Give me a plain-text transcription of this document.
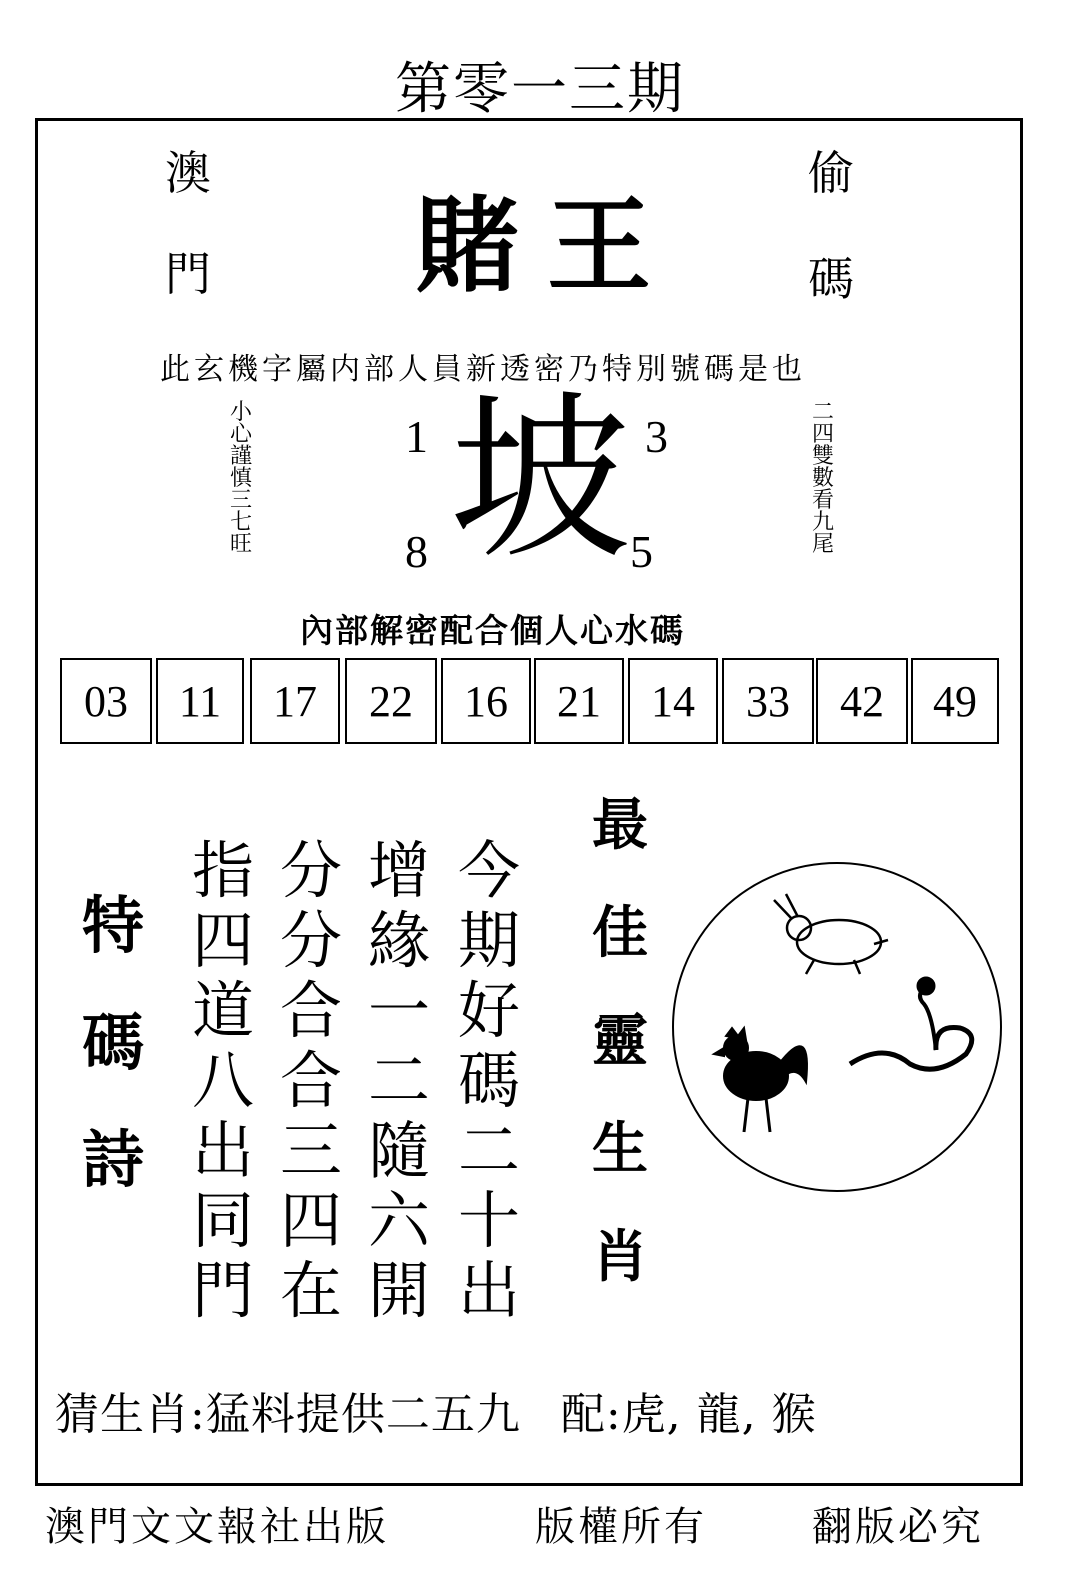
第零一三期
澳
門
偷
碼
賭王
此玄機字屬内部人員新透密乃特別號碼是也
小
心
謹
慎
三
七
旺
二
四
雙
數
看
九
尾
坡
1	3
8	5
內部解密配合個人心水碼
03	11	17	22	16	21	14	33	42	49
特
碼
詩
今
期
好
碼
二
十
出
增
緣
一
二
隨
六
開
分
分
合
合
三
四
在
指
四
道
八
出
同
門
最
佳
靈
生
肖
猜生肖:猛料提供二五九 配:虎, 龍, 猴
澳門文文報社出版	版權所有	翻版必究
